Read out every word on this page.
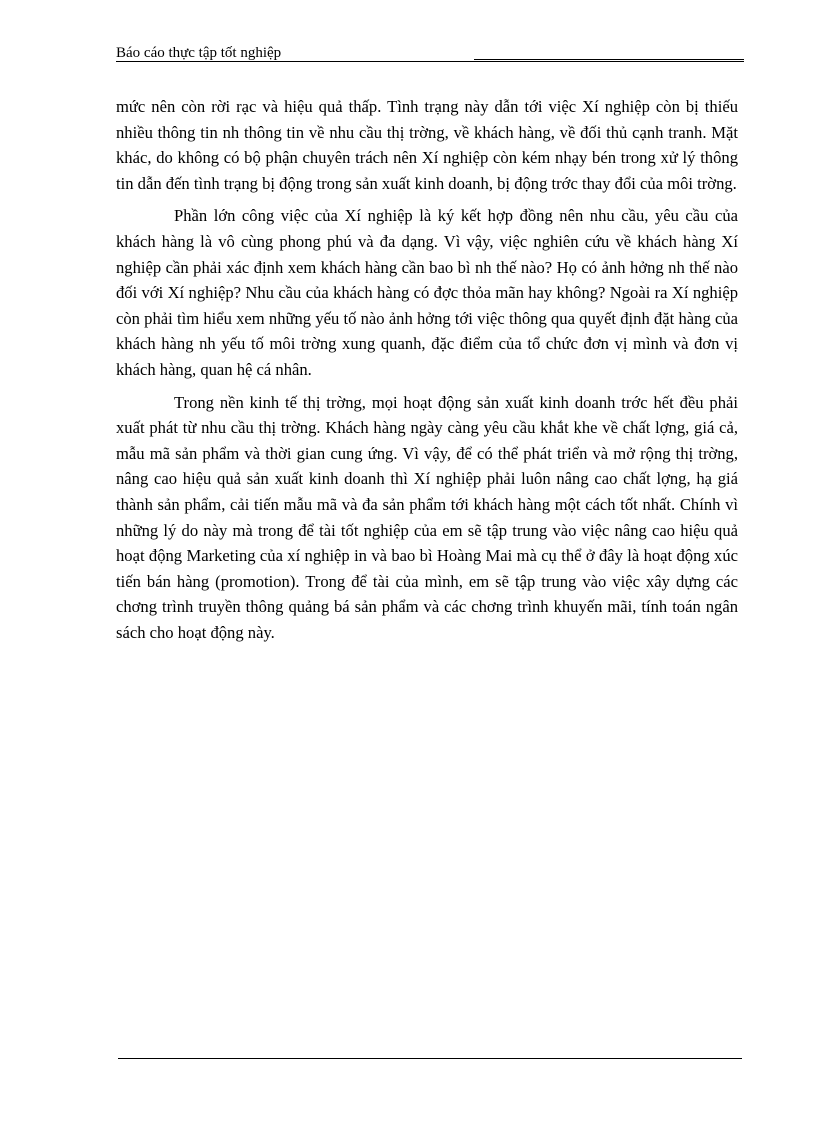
Báo cáo thực tập tốt nghiệp

mức nên còn rời rạc và hiệu quả thấp. Tình trạng này dẫn tới việc Xí nghiệp còn bị thiếu nhiều thông tin nh thông tin về nhu cầu thị trờng, về khách hàng, về đối thủ cạnh tranh. Mặt khác, do không có bộ phận chuyên trách nên Xí nghiệp còn kém nhạy bén trong xử lý thông tin dẫn đến tình trạng bị động trong sản xuất kinh doanh, bị động trớc thay đổi của môi trờng.

Phần lớn công việc của Xí nghiệp là ký kết hợp đồng nên nhu cầu, yêu cầu của khách hàng là vô cùng phong phú và đa dạng. Vì vậy, việc nghiên cứu về khách hàng Xí nghiệp cần phải xác định xem khách hàng cần bao bì nh thế nào? Họ có ảnh hởng nh thế nào đối với Xí nghiệp? Nhu cầu của khách hàng có đợc thỏa mãn hay không? Ngoài ra Xí nghiệp còn phải tìm hiểu xem những yếu tố nào ảnh hởng tới việc thông qua quyết định đặt hàng của khách hàng nh yếu tố môi trờng xung quanh, đặc điểm của tổ chức đơn vị mình và đơn vị khách hàng, quan hệ cá nhân.

Trong nền kinh tế thị trờng, mọi hoạt động sản xuất kinh doanh trớc hết đều phải xuất phát từ nhu cầu thị trờng. Khách hàng ngày càng yêu cầu khắt khe về chất lợng, giá cả, mẫu mã sản phẩm và thời gian cung ứng. Vì vậy, để có thể phát triển và mở rộng thị trờng, nâng cao hiệu quả sản xuất kinh doanh thì Xí nghiệp phải luôn nâng cao chất lợng, hạ giá thành sản phẩm, cải tiến mẫu mã và đa sản phẩm tới khách hàng một cách tốt nhất. Chính vì những lý do này mà trong để tài tốt nghiệp của em sẽ tập trung vào việc nâng cao hiệu quả hoạt động Marketing của xí nghiệp in và bao bì Hoàng Mai mà cụ thể ở đây là hoạt động xúc tiến bán hàng (promotion). Trong để tài của mình, em sẽ tập trung vào việc xây dựng các chơng trình truyền thông quảng bá sản phẩm và các chơng trình khuyến mãi, tính toán ngân sách cho hoạt động này.
